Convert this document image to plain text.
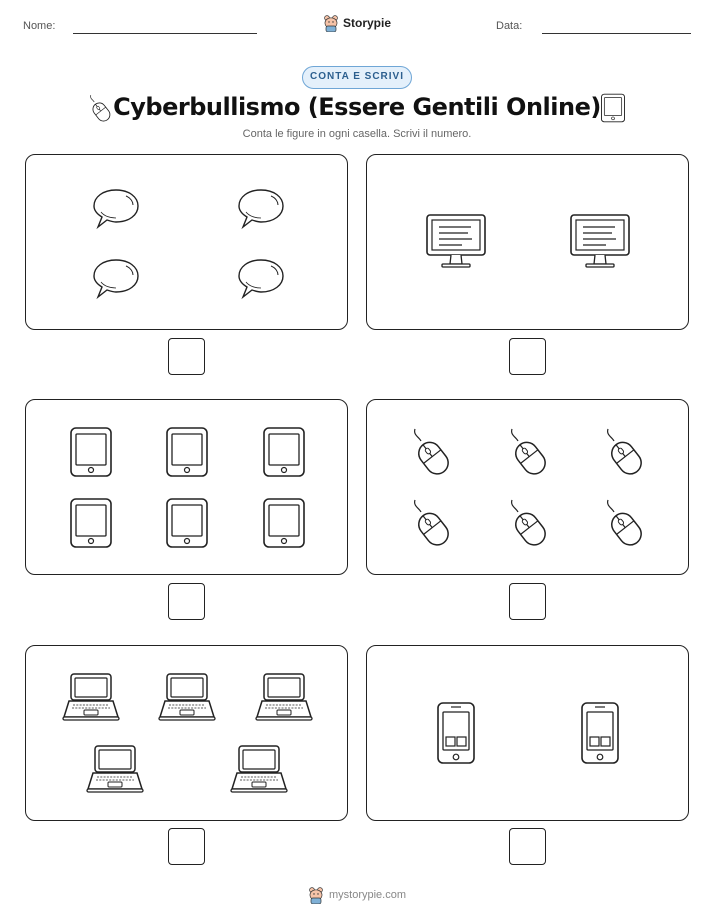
Nome:	Storypie	Data:
CONTA E SCRIVI
Cyberbullismo (Essere Gentili Online)
Conta le figure in ogni casella. Scrivi il numero.
mystorypie.com
